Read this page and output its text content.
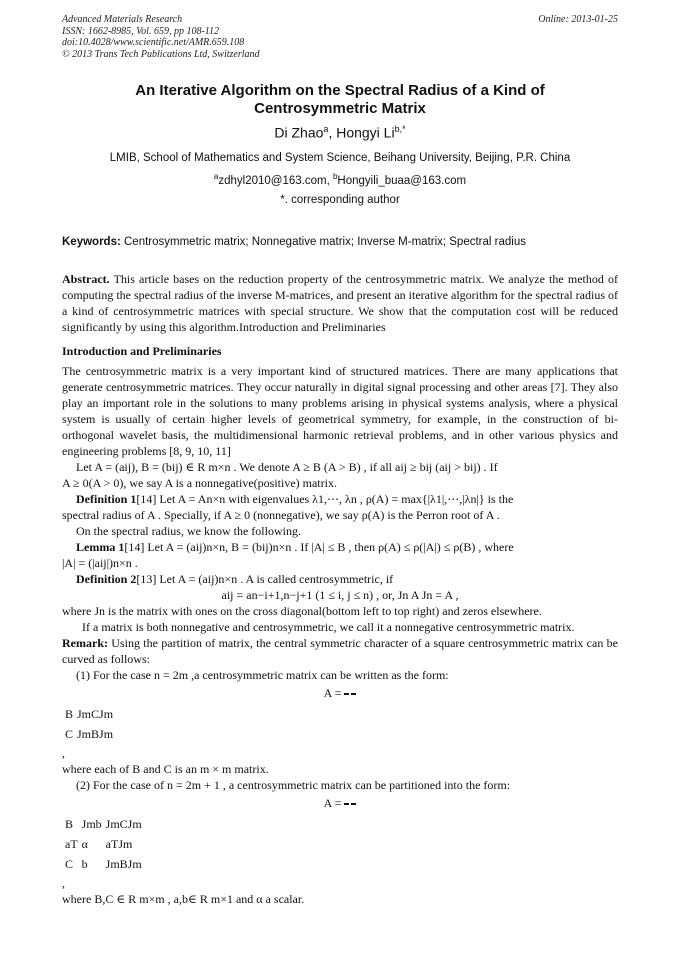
Advanced Materials Research
ISSN: 1662-8985, Vol. 659, pp 108-112
doi:10.4028/www.scientific.net/AMR.659.108
© 2013 Trans Tech Publications Ltd, Switzerland
Online: 2013-01-25
An Iterative Algorithm on the Spectral Radius of a Kind of
Centrosymmetric Matrix
Di Zhao$^a$, Hongyi $Li^{b,*}$
LMIB, School of Mathematics and System Science, Beihang University, Beijing, P.R. China
$^a$zdhyl2010@163.com, $^b$Hongyili_buaa@163.com
*. corresponding author
Keywords: Centrosymmetric matrix; Nonnegative matrix; Inverse M-matrix; Spectral radius

Abstract. This article bases on the reduction property of the centrosymmetric matrix. We analyze the method of computing the spectral radius of the inverse M-matrices, and present an iterative algorithm for the spectral radius of a kind of centrosymmetric matrices with special structure. We show that the computation cost will be reduced significantly by using this algorithm.Introduction and Preliminaries

Introduction and Preliminaries

The centrosymmetric matrix is a very important kind of structured matrices. There are many applications that generate centrosymmetric matrices. They occur naturally in digital signal processing and other areas [7]. They also play an important role in the solutions to many problems arising in physical systems analysis, where a physical system is usually of certain higher levels of geometrical symmetry, for example, in the construction of bi-orthogonal wavelet basis, the multidimensional harmonic retrieval problems, and in other various physics and engineering problems [8, 9, 10, 11]

Let A = (aij), B = (bij) ∈ R m×n . We denote A ≥ B (A > B) , if all aij ≥ bij (aij > bij) . If

A ≥ 0(A > 0), we say A is a nonnegative(positive) matrix.

Definition 1[14] Let A = An×n with eigenvalues λ1,⋯, λn , ρ(A) = max{|λ1|,⋯,|λn|} is the

spectral radius of A . Specially, if A ≥ 0 (nonnegative), we say ρ(A) is the Perron root of A .

On the spectral radius, we know the following.

Lemma 1[14] Let A = (aij)n×n, B = (bij)n×n . If |A| ≤ B , then ρ(A) ≤ ρ(|A|) ≤ ρ(B) , where

|A| = (|aij|)n×n .

Definition 2[13] Let A = (aij)n×n . A is called centrosymmetric, if

aij = an−i+1,n−j+1 (1 ≤ i, j ≤ n) , or, Jn A Jn = A ,

where Jn is the matrix with ones on the cross diagonal(bottom left to top right) and zeros elsewhere.

If a matrix is both nonnegative and centrosymmetric, we call it a nonnegative centrosymmetric matrix.

Remark: Using the partition of matrix, the central symmetric character of a square centrosymmetric matrix can be curved as follows:

(1) For the case n = 2m ,a centrosymmetric matrix can be written as the form:

A =

B	JmCJm
C	JmBJm
,

where each of B and C is an m × m matrix.

(2) For the case of n = 2m + 1 , a centrosymmetric matrix can be partitioned into the form:

A =

B	Jmb	JmCJm
aT	α	aTJm
C	b	JmBJm
,

where B,C ∈ R m×m , a,b∈ R m×1 and α a scalar.
